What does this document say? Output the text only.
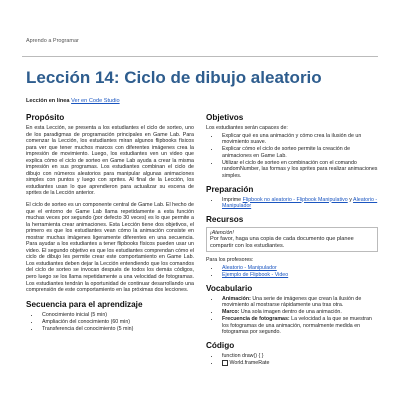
Aprendo a Programar
Lección 14: Ciclo de dibujo aleatorio
Lección en línea Ver en Code Studio
Propósito

En esta Lección, se presenta a los estudiantes el ciclo de sorteo, uno de los paradigmas de programación principales en Game Lab. Para comenzar la Lección, los estudiantes miran algunos flipbooks físicos para ver que tener muchos marcos con diferentes imágenes crea la impresión de movimiento. Luego, los estudiantes ven un video que explica cómo el ciclo de sorteo en Game Lab ayuda a crear la misma impresión en sus programas. Los estudiantes combinan el ciclo de dibujo con números aleatorios para manipular algunas animaciones simples con puntos y luego con sprites. Al final de la Lección, los estudiantes usan lo que aprendieron para actualizar su escena de sprites de la Lección anterior.

El ciclo de sorteo es un componente central de Game Lab. El hecho de que el entorno de Game Lab llama repetidamente a esta función muchas veces por segundo (por defecto 30 veces) es lo que permite a la herramienta crear animaciones. Esta Lección tiene dos objetivos, el primero es que los estudiantes vean cómo la animación consiste en mostrar muchas imágenes ligeramente diferentes en una secuencia. Para ayudar a los estudiantes a tener flipbooks físicos pueden usar un video. El segundo objetivo es que los estudiantes comprendan cómo el ciclo de dibujo les permite crear este comportamiento en Game Lab. Los estudiantes deben dejar la Lección entendiendo que los comandos del ciclo de sorteo se invocan después de todos los demás códigos, pero luego se los llama repetidamente a una velocidad de fotogramas. Los estudiantes tendrán la oportunidad de continuar desarrollando una comprensión de este comportamiento en las próximas dos lecciones.

Secuencia para el aprendizaje
• Conocimiento inicial (5 min)
• Ampliación del conocimiento (60 min)
• Transferencia del conocimiento (5 min)
Objetivos
Los estudiantes serán capaces de:
• Explicar qué es una animación y cómo crea la ilusión de un movimiento suave.
• Explicar cómo el ciclo de sorteo permite la creación de animaciones en Game Lab.
• Utilizar el ciclo de sorteo en combinación con el comando randomNumber, las formas y los sprites para realizar animaciones simples.
Preparación
• Imprime Flipbook no aleatorio - Flipbook Manipulativo y Aleatorio - Manipulador
Recursos
¡Atención!
Por favor, haga una copia de cada documento que planee compartir con los estudiantes.
Para los profesores:
• Aleatorio - Manipulador
• Ejemplo de Flipbook - Video
Vocabulario
• Animación: Una serie de imágenes que crean la ilusión de movimiento al mostrarse rápidamente una tras otra.
• Marco: Una sola imagen dentro de una animación.
• Frecuencia de fotogramas: La velocidad a la que se muestran los fotogramas de una animación, normalmente medida en fotogramas por segundo.
Código
• function draw() { }
• World.frameRate
